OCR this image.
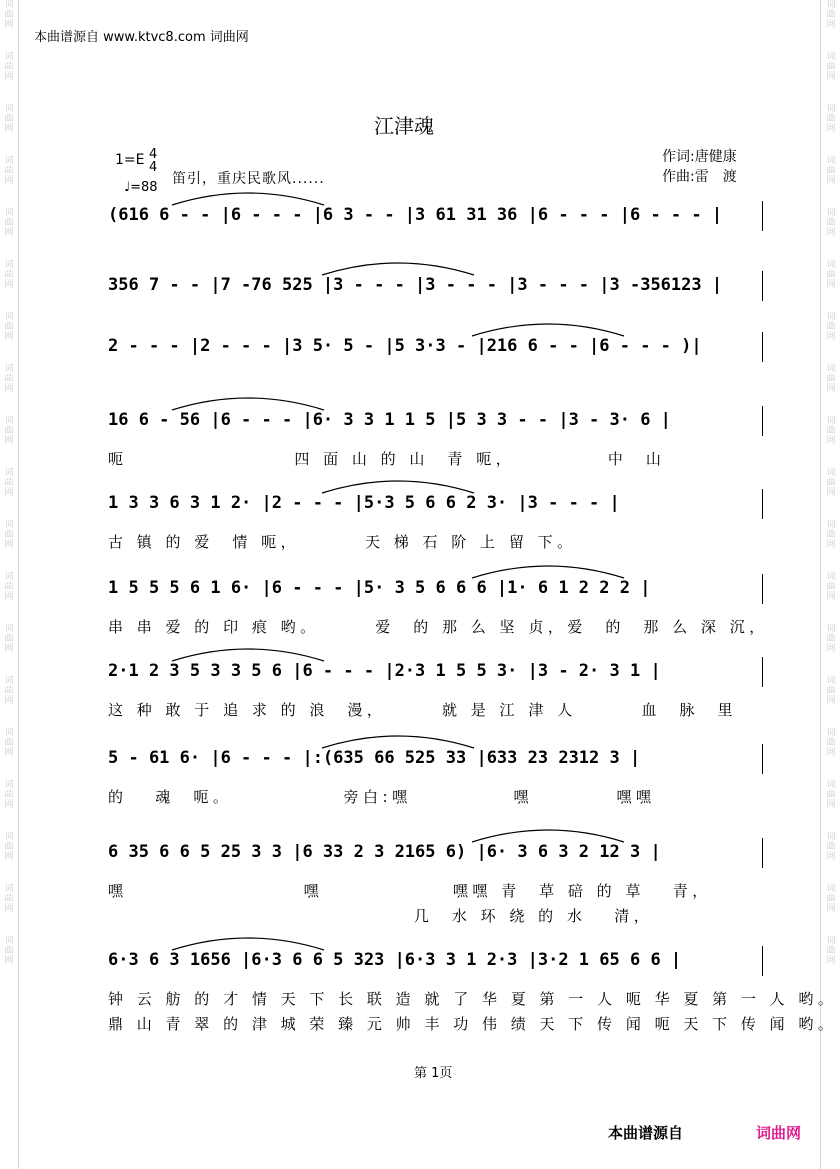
词
曲
网
词
曲
网
词
曲
网
词
曲
网
词
曲
网
词
曲
网
词
曲
网
词
曲
网
词
曲
网
词
曲
网
词
曲
网
词
曲
网
词
曲
网
词
曲
网
词
曲
网
词
曲
网
词
曲
网
词
曲
网
词
曲
网
词
曲
网
词
曲
网
词
曲
网
词
曲
网
词
曲
网
词
曲
网
词
曲
网
词
曲
网
词
曲
网
词
曲
网
词
曲
网
词
曲
网
词
曲
网
词
曲
网
词
曲
网
词
曲
网
词
曲
网
词
曲
网
词
曲
网
本曲谱源自 www.ktvc8.com 词曲网
江津魂
1=E 4
4
♩=88
笛引，重庆民歌风......
作词:唐健康
作曲:雷　渡
(616 6 - - |6 - - - |6 3 - - |3 61 31 36 |6 - - - |6 - - - |
356 7 - - |7 -76 525 |3 - - - |3 - - - |3 - - - |3 -356123 |
2 - - - |2 - - - |3 5· 5 - |5 3·3 - |216 6 - - |6 - - - )|
16 6 - 56 |6 - - - |6· 3 3 1 1 5 |5 3 3 - - |3 - 3· 6 |
呃                  四 面 山 的 山  青 呃，          中  山
1 3 3 6 3 1 2· |2 - - - |5·3 5 6 6 2 3· |3 - - - |
古 镇 的 爱  情 呃，       天 梯 石 阶 上 留 下。
1 5 5 5 6 1 6· |6 - - - |5· 3 5 6 6 6 |1· 6 1 2 2 2 |
串 串 爱 的 印 痕 哟。      爱  的 那 么 坚 贞，爱  的  那 么 深 沉，
2·1 2 3 5 3 3 5 6 |6 - - - |2·3 1 5 5 3· |3 - 2· 3 1 |
这 种 敢 于 追 求 的 浪  漫，      就 是 江 津 人       血  脉  里
5 - 61 6· |6 - - - |:(635 66 525 33 |633 23 2312 3 |
的   魂  呃。            旁白:嘿           嘿         嘿嘿
6 35 6 6 5 25 3 3 |6 33 2 3 2165 6) |6· 3 6 3 2 12 3 |
嘿                   嘿              嘿嘿 青  草 碚 的 草   青，
几  水 环 绕 的 水   清，
6·3 6 3 1656 |6·3 6 6 5 323 |6·3 3 1 2·3 |3·2 1 65 6 6 |
钟 云 舫 的 才 情 天 下 长 联 造 就 了 华 夏 第 一 人 呃 华 夏 第 一 人 哟。
鼎 山 青 翠 的 津 城 荣 臻 元 帅 丰 功 伟 绩 天 下 传 闻 呃 天 下 传 闻 哟。
第 1页
本曲谱源自	词曲网
